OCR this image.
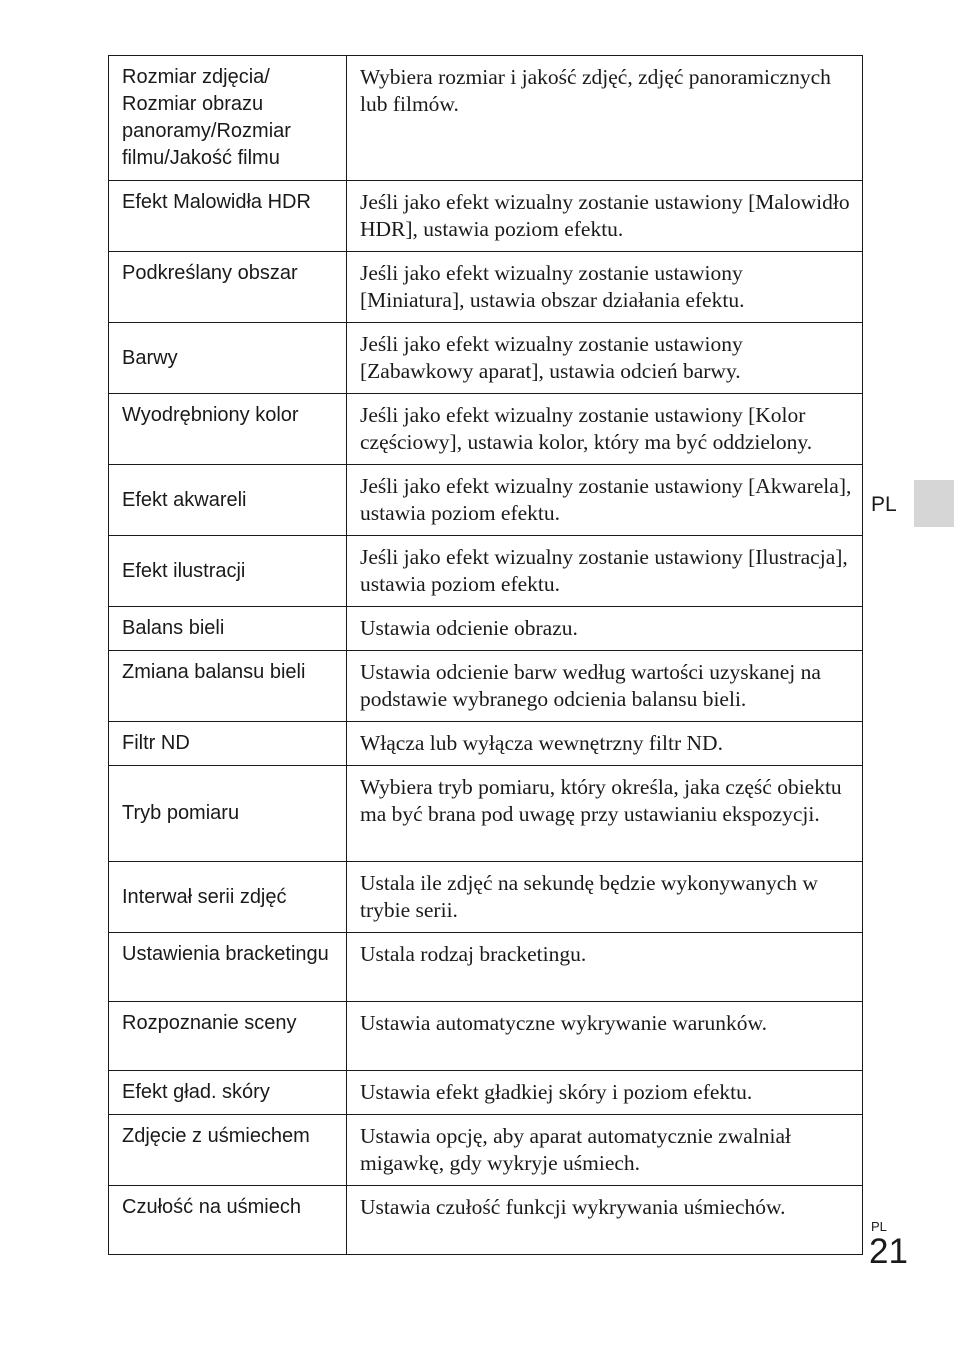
Rozmiar zdjęcia/ Rozmiar obrazu panoramy/Rozmiar filmu/Jakość filmu	Wybiera rozmiar i jakość zdjęć, zdjęć panoramicznych lub filmów.
Efekt Malowidła HDR	Jeśli jako efekt wizualny zostanie ustawiony [Malowidło HDR], ustawia poziom efektu.
Podkreślany obszar	Jeśli jako efekt wizualny zostanie ustawiony [Miniatura], ustawia obszar działania efektu.
Barwy	Jeśli jako efekt wizualny zostanie ustawiony [Zabawkowy aparat], ustawia odcień barwy.
Wyodrębniony kolor	Jeśli jako efekt wizualny zostanie ustawiony [Kolor częściowy], ustawia kolor, który ma być oddzielony.
Efekt akwareli	Jeśli jako efekt wizualny zostanie ustawiony [Akwarela], ustawia poziom efektu.
Efekt ilustracji	Jeśli jako efekt wizualny zostanie ustawiony [Ilustracja], ustawia poziom efektu.
Balans bieli	Ustawia odcienie obrazu.
Zmiana balansu bieli	Ustawia odcienie barw według wartości uzyskanej na podstawie wybranego odcienia balansu bieli.
Filtr ND	Włącza lub wyłącza wewnętrzny filtr ND.
Tryb pomiaru	Wybiera tryb pomiaru, który określa, jaka część obiektu ma być brana pod uwagę przy ustawianiu ekspozycji.
Interwał serii zdjęć	Ustala ile zdjęć na sekundę będzie wykonywanych w trybie serii.
Ustawienia bracketingu	Ustala rodzaj bracketingu.
Rozpoznanie sceny	Ustawia automatyczne wykrywanie warunków.
Efekt gład. skóry	Ustawia efekt gładkiej skóry i poziom efektu.
Zdjęcie z uśmiechem	Ustawia opcję, aby aparat automatycznie zwalniał migawkę, gdy wykryje uśmiech.
Czułość na uśmiech	Ustawia czułość funkcji wykrywania uśmiechów.
PL
PL
21
